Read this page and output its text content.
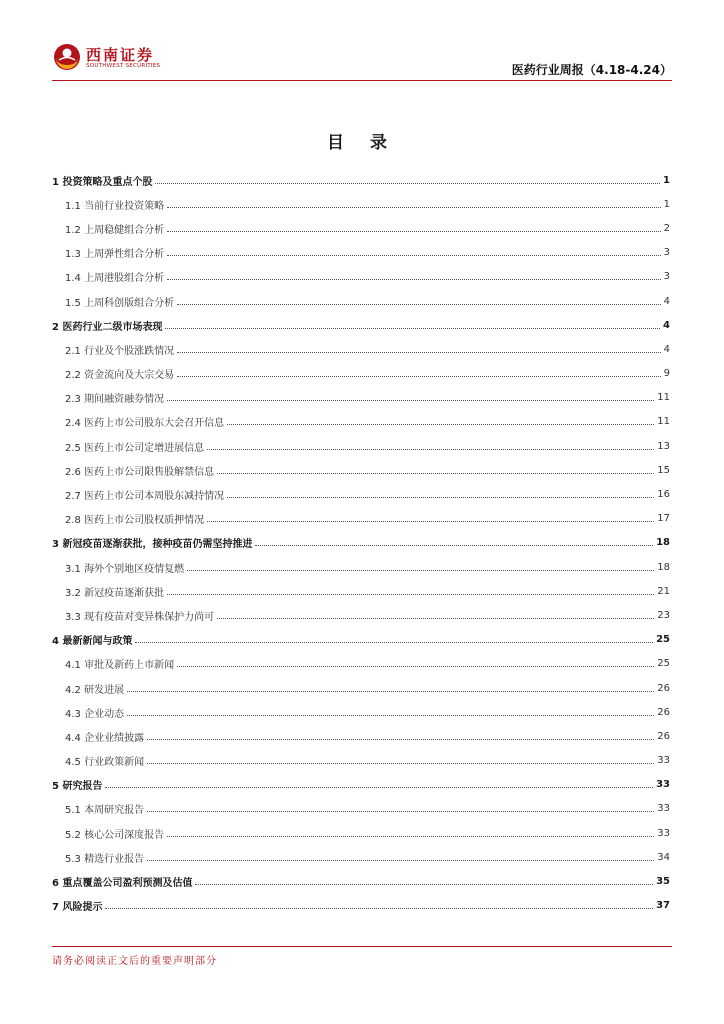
西南证券
SOUTHWEST SECURITIES	医药行业周报（4.18-4.24）
目 录
1 投资策略及重点个股	1
1.1 当前行业投资策略	1
1.2 上周稳健组合分析	2
1.3 上周弹性组合分析	3
1.4 上周港股组合分析	3
1.5 上周科创版组合分析	4
2 医药行业二级市场表现	4
2.1 行业及个股涨跌情况	4
2.2 资金流向及大宗交易	9
2.3 期间融资融券情况	11
2.4 医药上市公司股东大会召开信息	11
2.5 医药上市公司定增进展信息	13
2.6 医药上市公司限售股解禁信息	15
2.7 医药上市公司本周股东减持情况	16
2.8 医药上市公司股权质押情况	17
3 新冠疫苗逐渐获批，接种疫苗仍需坚持推进	18
3.1 海外个别地区疫情复燃	18
3.2 新冠疫苗逐渐获批	21
3.3 现有疫苗对变异株保护力尚可	23
4 最新新闻与政策	25
4.1 审批及新药上市新闻	25
4.2 研发进展	26
4.3 企业动态	26
4.4 企业业绩披露	26
4.5 行业政策新闻	33
5 研究报告	33
5.1 本周研究报告	33
5.2 核心公司深度报告	33
5.3 精选行业报告	34
6 重点覆盖公司盈利预测及估值	35
7 风险提示	37
请务必阅读正文后的重要声明部分
